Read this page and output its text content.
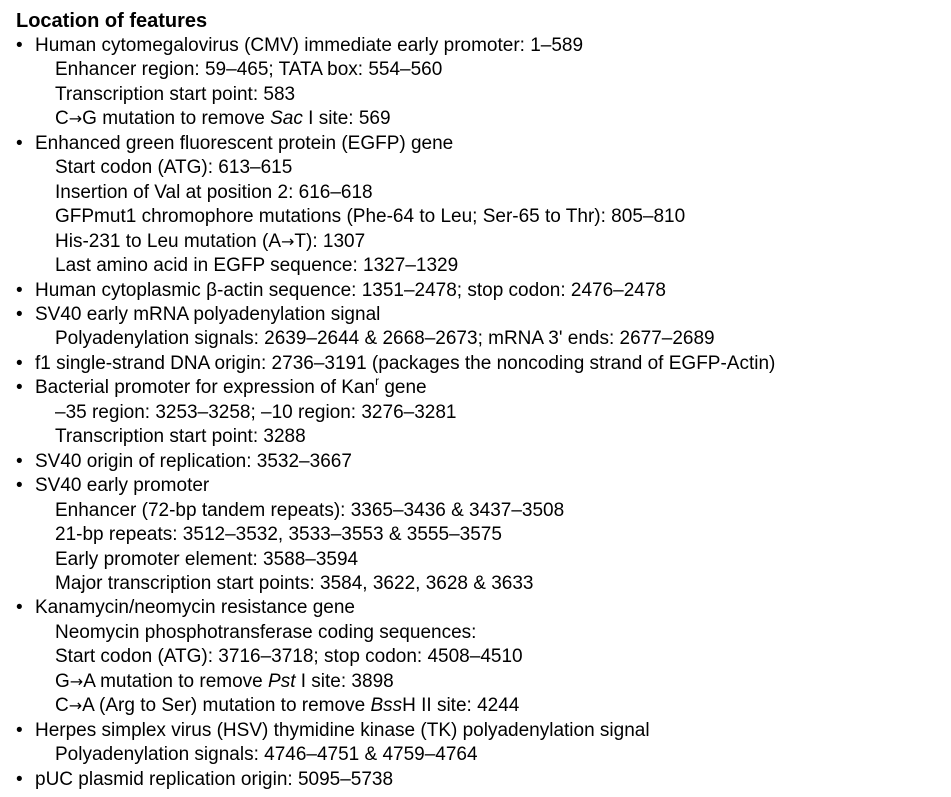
Location of features
• Human cytomegalovirus (CMV) immediate early promoter: 1–589
Enhancer region: 59–465; TATA box: 554–560
Transcription start point: 583
C→G mutation to remove Sac I site: 569
• Enhanced green fluorescent protein (EGFP) gene
Start codon (ATG): 613–615
Insertion of Val at position 2: 616–618
GFPmut1 chromophore mutations (Phe-64 to Leu; Ser-65 to Thr): 805–810
His-231 to Leu mutation (A→T): 1307
Last amino acid in EGFP sequence: 1327–1329
• Human cytoplasmic β-actin sequence: 1351–2478; stop codon: 2476–2478
• SV40 early mRNA polyadenylation signal
Polyadenylation signals: 2639–2644 & 2668–2673; mRNA 3' ends: 2677–2689
• f1 single-strand DNA origin: 2736–3191 (packages the noncoding strand of EGFP-Actin)
• Bacterial promoter for expression of Kan$^r$ gene
–35 region: 3253–3258; –10 region: 3276–3281
Transcription start point: 3288
• SV40 origin of replication: 3532–3667
• SV40 early promoter
Enhancer (72-bp tandem repeats): 3365–3436 & 3437–3508
21-bp repeats: 3512–3532, 3533–3553 & 3555–3575
Early promoter element: 3588–3594
Major transcription start points: 3584, 3622, 3628 & 3633
• Kanamycin/neomycin resistance gene
Neomycin phosphotransferase coding sequences:
Start codon (ATG): 3716–3718; stop codon: 4508–4510
G→A mutation to remove Pst I site: 3898
C→A (Arg to Ser) mutation to remove BssH II site: 4244
• Herpes simplex virus (HSV) thymidine kinase (TK) polyadenylation signal
Polyadenylation signals: 4746–4751 & 4759–4764
• pUC plasmid replication origin: 5095–5738
